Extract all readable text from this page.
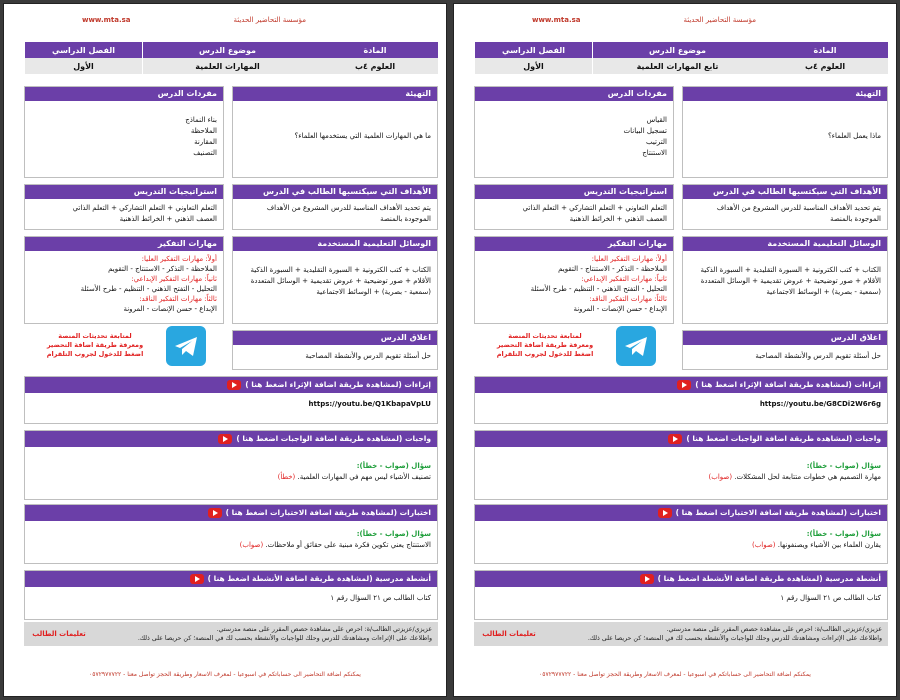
www.mta.sa	مؤسسة التحاضير الحديثة
المادة
موضوع الدرس
الفصل الدراسي
العلوم ٤ب
المهارات العلمية
الأول
التهيئة
ما هي المهارات العلمية التي يستخدمها العلماء؟
مفردات الدرس
بناء النماذج
الملاحظة
المقارنة
التصنيف
الأهداف التي سيكتسبها الطالب في الدرس
يتم تحديد الأهداف المناسبة للدرس المشروع من الأهداف الموجودة بالمنصة
استراتيجيات التدريس
التعلم التعاوني + التعلم التشاركي + التعلم الذاتي
العصف الذهني + الخرائط الذهنية
الوسائل التعليمية المستخدمة
الكتاب + كتب الكترونية + السبورة التقليدية + السبورة الذكية
الأقلام + صور توضيحية + عروض تقديمية + الوسائل المتعددة
(سمعية - بصرية) + الوسائط الاجتماعية
مهارات التفكير
أولاً: مهارات التفكير العليا:
الملاحظة - التذكر - الاستنتاج - التقويم
ثانياً: مهارات التفكير الإبداعي:
التحليل - التفتح الذهني - التنظيم - طرح الأسئلة
ثالثاً: مهارات التفكير الناقد:
الإبداع - حسن الإنصات - المرونة
لمتابعة تحديثات المنصة
ومعرفة طريقة اضافة التحضير
اضغط للدخول لجروب التلقرام
اغلاق الدرس
حل أسئلة تقويم الدرس والأنشطة المصاحبة
إثراءات (لمشاهدة طريقة اضافة الإثراء اضغط هنا )
https://youtu.be/Q1KbapaVpLU
واجبات (لمشاهدة طريقة اضافة الواجبات اضغط هنا )
سؤال (صواب - خطأ):
تصنيف الأشياء ليس مهم في المهارات العلمية. (خطأ)
اختبارات (لمشاهدة طريقة اضافة الاختبارات اضغط هنا )
سؤال (صواب - خطأ):
الاستنتاج يعني تكوين فكرة مبنية على حقائق أو ملاحظات. (صواب)
أنشطة مدرسية (لمشاهدة طريقة اضافة الأنشطة اضغط هنا )
كتاب الطالب ص ٢١ السؤال رقم ١
عزيزي/عزيزتي الطالب/ة: احرص على مشاهدة حصص المقرر على منصة مدرستي.
واطلاعك على الإثراءات ومشاهدتك للدرس وحلك للواجبات والأنشطة بحسب لك في المنصة؛ كن حريصا على ذلك.
تعليمات الطالب
يمكنكم اضافة التحاضير الى حساباتكم في اسبوعيا - لمعرف الاسعار وطريقة الحجز تواصل معنا - ٠٥٧٢٩٧٧٧٢٢
www.mta.sa	مؤسسة التحاضير الحديثة
المادة
موضوع الدرس
الفصل الدراسي
العلوم ٤ب
تابع المهارات العلمية
الأول
التهيئة
ماذا يعمل العلماء؟
مفردات الدرس
القياس
تسجيل البيانات
الترتيب
الاستنتاج
الأهداف التي سيكتسبها الطالب في الدرس
يتم تحديد الأهداف المناسبة للدرس المشروع من الأهداف الموجودة بالمنصة
استراتيجيات التدريس
التعلم التعاوني + التعلم التشاركي + التعلم الذاتي
العصف الذهني + الخرائط الذهنية
الوسائل التعليمية المستخدمة
الكتاب + كتب الكترونية + السبورة التقليدية + السبورة الذكية
الأقلام + صور توضيحية + عروض تقديمية + الوسائل المتعددة
(سمعية - بصرية) + الوسائط الاجتماعية
مهارات التفكير
أولاً: مهارات التفكير العليا:
الملاحظة - التذكر - الاستنتاج - التقويم
ثانياً: مهارات التفكير الإبداعي:
التحليل - التفتح الذهني - التنظيم - طرح الأسئلة
ثالثاً: مهارات التفكير الناقد:
الإبداع - حسن الإنصات - المرونة
لمتابعة تحديثات المنصة
ومعرفة طريقة اضافة التحضير
اضغط للدخول لجروب التلقرام
اغلاق الدرس
حل أسئلة تقويم الدرس والأنشطة المصاحبة
إثراءات (لمشاهدة طريقة اضافة الإثراء اضغط هنا )
https://youtu.be/G8CDi2W6r6g
واجبات (لمشاهدة طريقة اضافة الواجبات اضغط هنا )
سؤال (صواب - خطأ):
مهارة التصميم هي خطوات متتابعة لحل المشكلات. (صواب)
اختبارات (لمشاهدة طريقة اضافة الاختبارات اضغط هنا )
سؤال (صواب - خطأ):
يقارن العلماء بين الأشياء ويصنفونها. (صواب)
أنشطة مدرسية (لمشاهدة طريقة اضافة الأنشطة اضغط هنا )
كتاب الطالب ص ٢١ السؤال رقم ١
عزيزي/عزيزتي الطالب/ة: احرص على مشاهدة حصص المقرر على منصة مدرستي.
واطلاعك على الإثراءات ومشاهدتك للدرس وحلك للواجبات والأنشطة بحسب لك في المنصة؛ كن حريصا على ذلك.
تعليمات الطالب
يمكنكم اضافة التحاضير الى حساباتكم في اسبوعيا - لمعرف الاسعار وطريقة الحجز تواصل معنا - ٠٥٧٢٩٧٧٧٢٢
